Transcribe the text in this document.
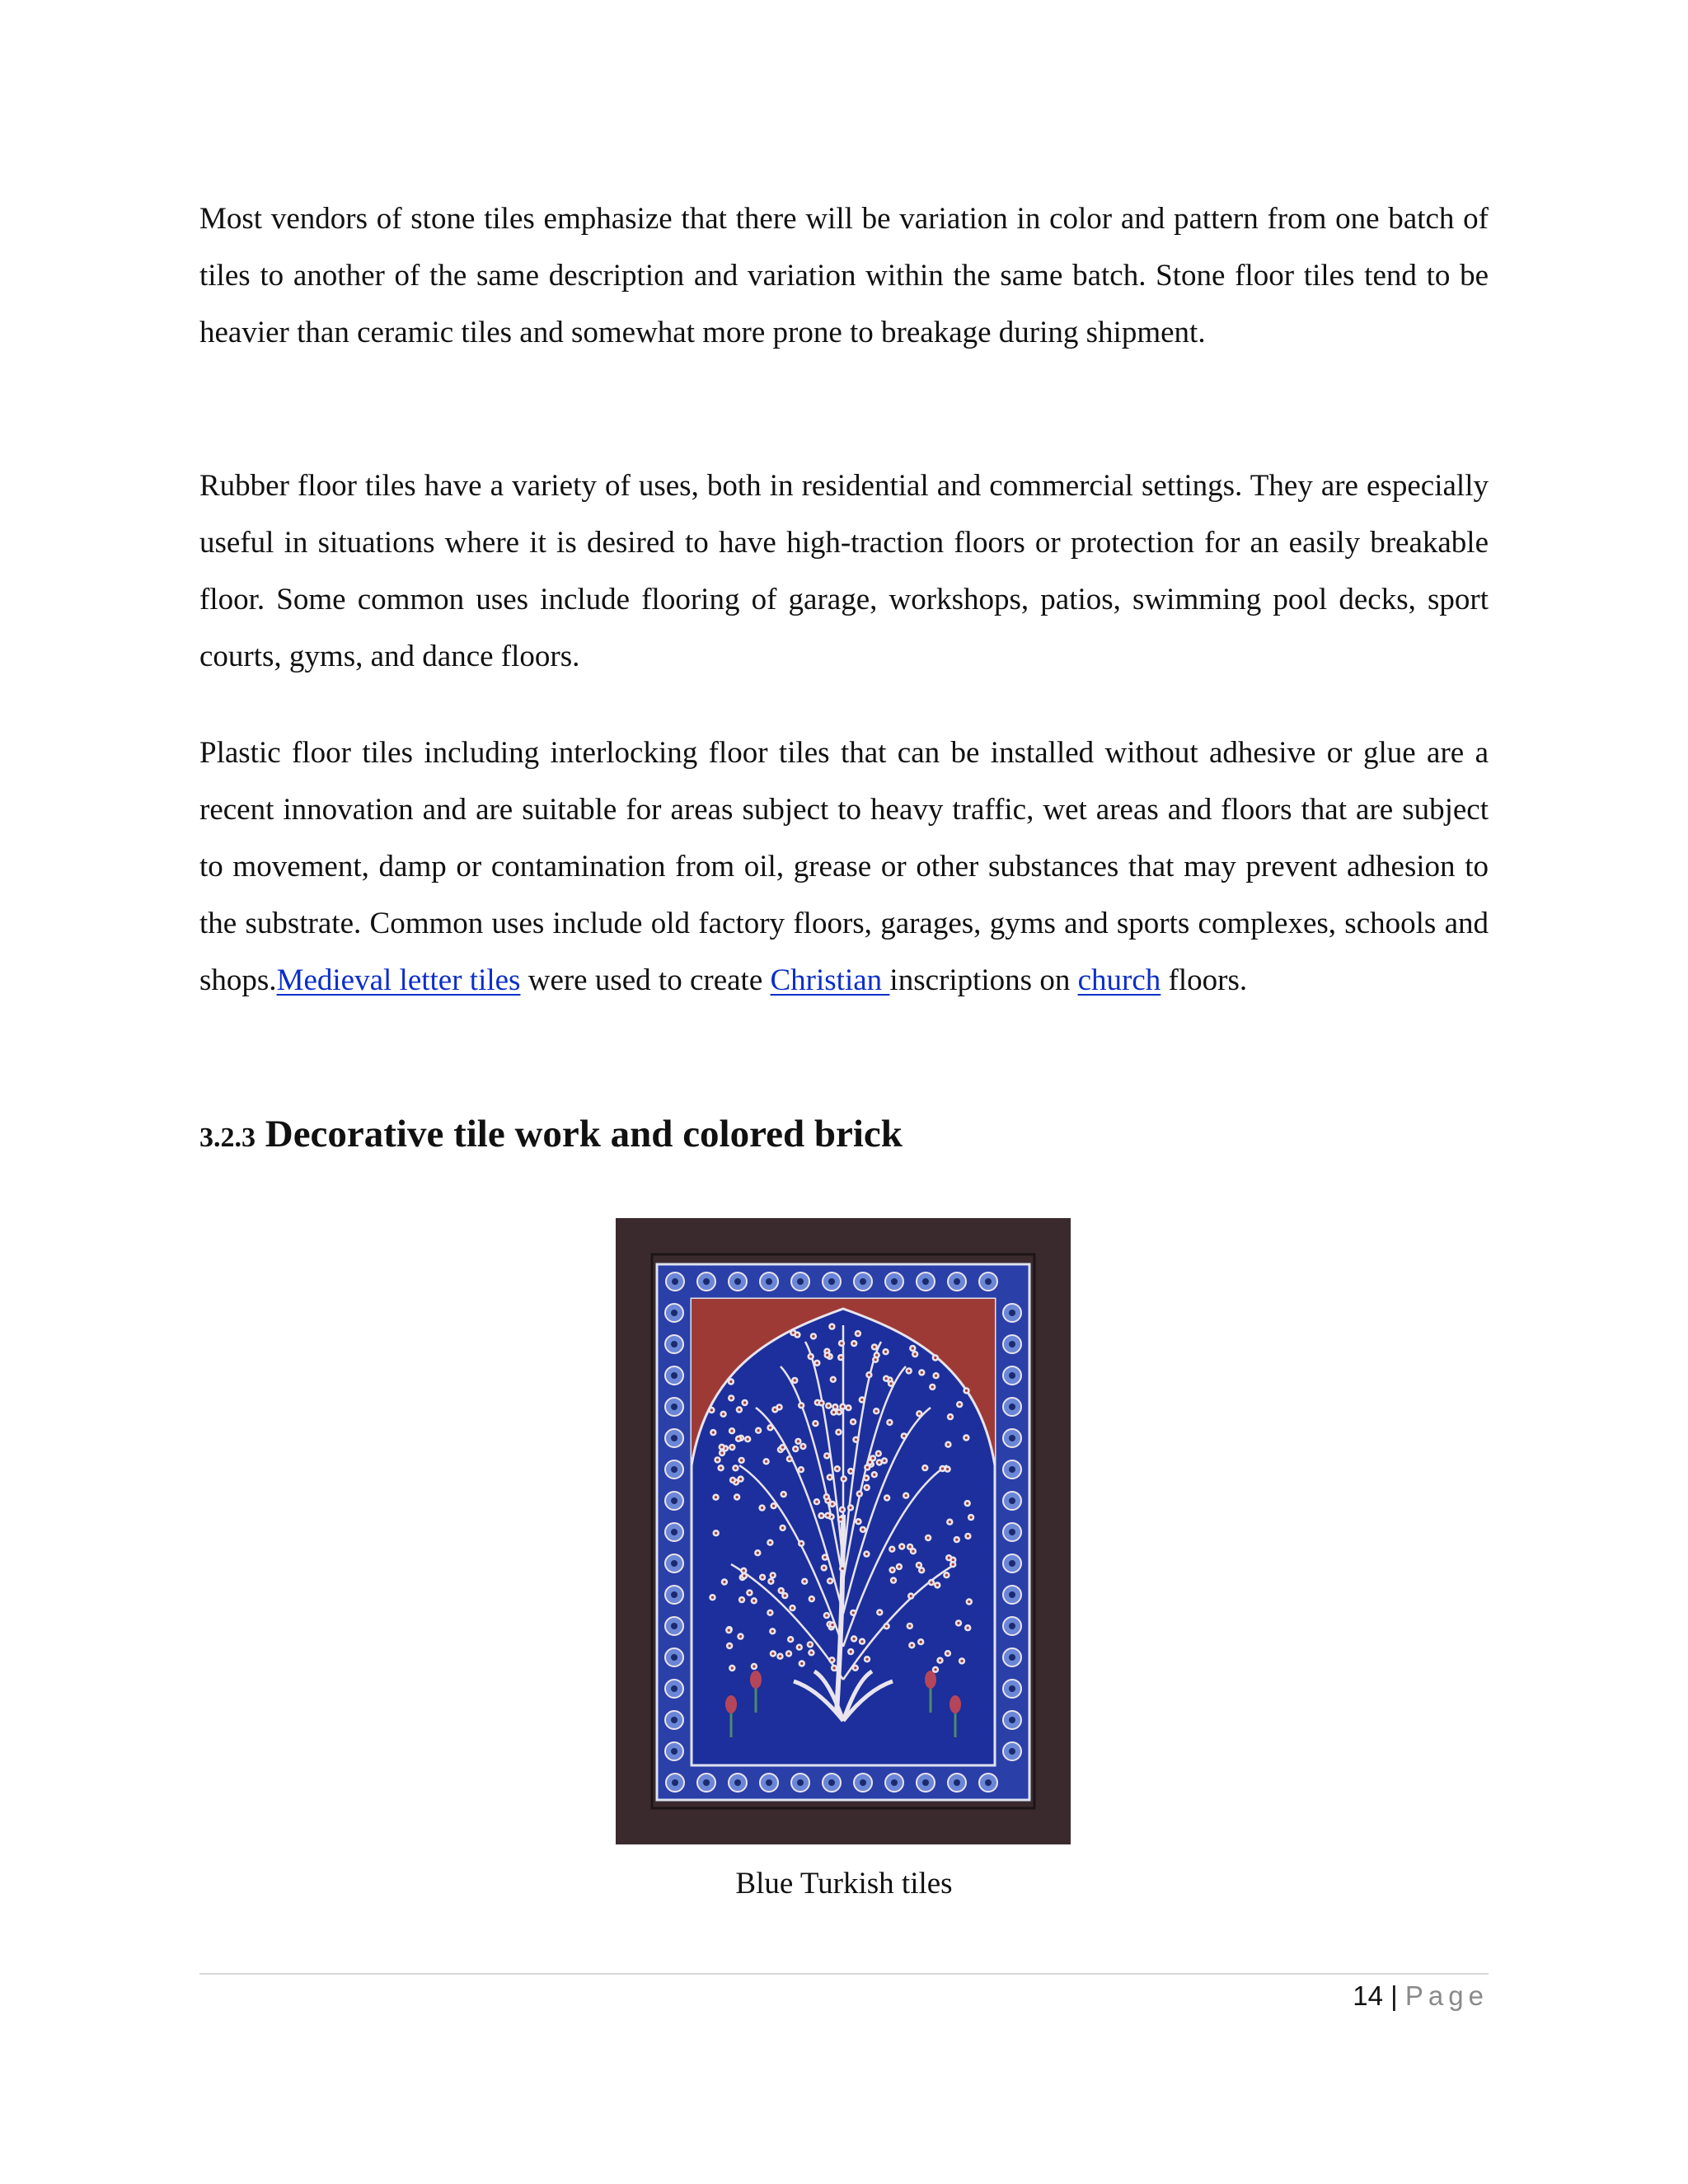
Most vendors of stone tiles emphasize that there will be variation in color and pattern from one batch of tiles to another of the same description and variation within the same batch. Stone floor tiles tend to be heavier than ceramic tiles and somewhat more prone to breakage during shipment.

Rubber floor tiles have a variety of uses, both in residential and commercial settings. They are especially useful in situations where it is desired to have high-traction floors or protection for an easily breakable floor. Some common uses include flooring of garage, workshops, patios, swimming pool decks, sport courts, gyms, and dance floors.

Plastic floor tiles including interlocking floor tiles that can be installed without adhesive or glue are a recent innovation and are suitable for areas subject to heavy traffic, wet areas and floors that are subject to movement, damp or contamination from oil, grease or other substances that may prevent adhesion to the substrate. Common uses include old factory floors, garages, gyms and sports complexes, schools and shops.Medieval letter tiles were used to create Christian inscriptions on church floors.

3.2.3 Decorative tile work and colored brick

Blue Turkish tiles

14 | Page
